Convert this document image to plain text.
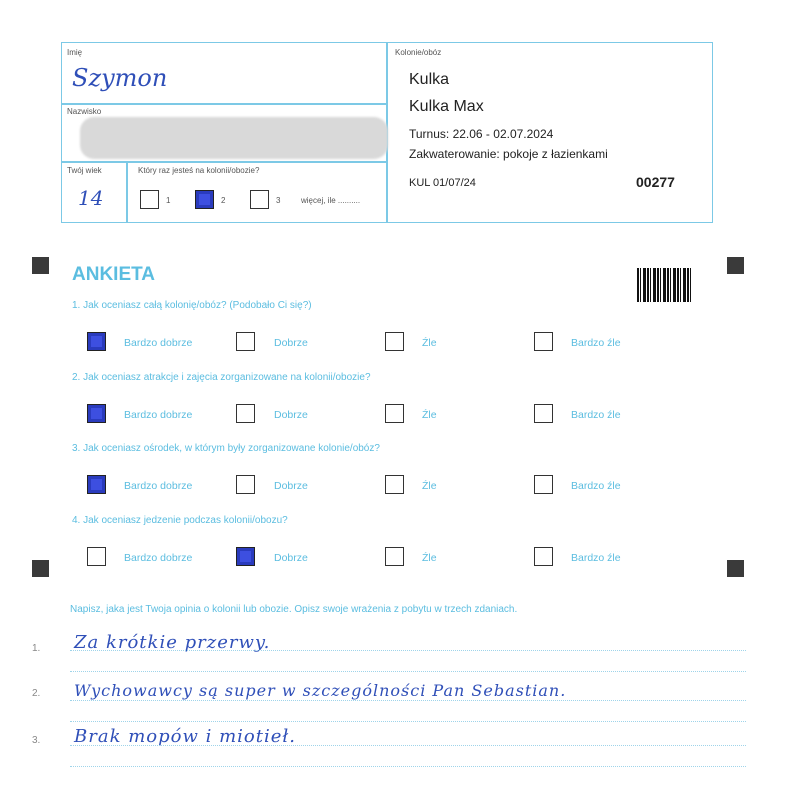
Imię
Szymon
Nazwisko
Twój wiek
14
Który raz jesteś na kolonii/obozie?
1	2	3	więcej, ile ..........
Kolonie/obóz
Kulka
Kulka Max
Turnus: 22.06 - 02.07.2024
Zakwaterowanie: pokoje z łazienkami
KUL 01/07/24	00277
ANKIETA
1. Jak oceniasz całą kolonię/obóz? (Podobało Ci się?)
Bardzo dobrze	Dobrze	Źle	Bardzo źle
2. Jak oceniasz atrakcje i zajęcia zorganizowane na kolonii/obozie?
Bardzo dobrze	Dobrze	Źle	Bardzo źle
3. Jak oceniasz ośrodek, w którym były zorganizowane kolonie/obóz?
Bardzo dobrze	Dobrze	Źle	Bardzo źle
4. Jak oceniasz jedzenie podczas kolonii/obozu?
Bardzo dobrze	Dobrze	Źle	Bardzo źle
Napisz, jaka jest Twoja opinia o kolonii lub obozie. Opisz swoje wrażenia z pobytu w trzech zdaniach.
1. Za krótkie przerwy.
2. Wychowawcy są super w szczególności Pan Sebastian.
3. Brak mopów i miotieł.
